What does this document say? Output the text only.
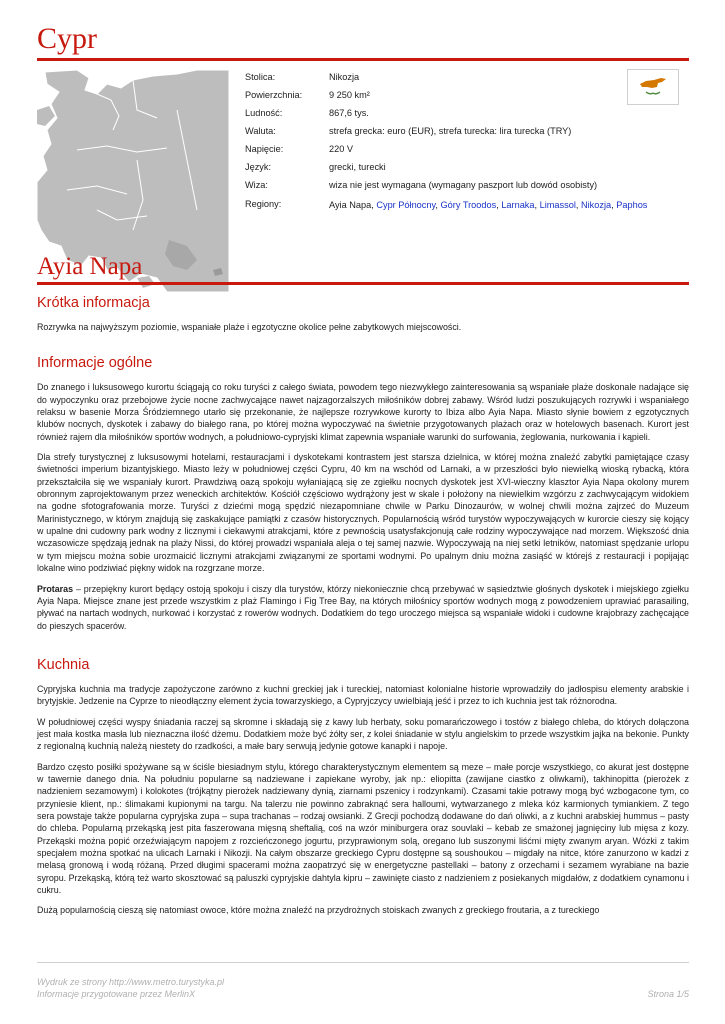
Cypr
Stolica:	Nikozja
Powierzchnia:	9 250 km²
Ludność:	867,6 tys.
Waluta:	strefa grecka: euro (EUR), strefa turecka: lira turecka (TRY)
Napięcie:	220 V
Język:	grecki, turecki
Wiza:	wiza nie jest wymagana (wymagany paszport lub dowód osobisty)
Regiony:	Ayia Napa, Cypr Północny, Góry Troodos, Larnaka, Limassol, Nikozja, Paphos
Ayia Napa
Krótka informacja

Rozrywka na najwyższym poziomie, wspaniałe plaże i egzotyczne okolice pełne zabytkowych miejscowości.

Informacje ogólne

Do znanego i luksusowego kurortu ściągają co roku turyści z całego świata, powodem tego niezwykłego zainteresowania są wspaniałe plaże doskonale nadające się do wypoczynku oraz przebojowe życie nocne zachwycające nawet najzagorzalszych miłośników dobrej zabawy. Wśród ludzi poszukujących rozrywki i wspaniałego relaksu w basenie Morza Śródziemnego utarło się przekonanie, że najlepsze rozrywkowe kurorty to Ibiza albo Ayia Napa. Miasto słynie bowiem z egzotycznych klubów nocnych, dyskotek i zabawy do białego rana, po której można wypoczywać na świetnie przygotowanych plażach oraz w hotelowych basenach. Kurort jest również rajem dla miłośników sportów wodnych, a południowo-cypryjski klimat zapewnia wspaniałe warunki do surfowania, żeglowania, nurkowania i kąpieli.

Dla strefy turystycznej z luksusowymi hotelami, restauracjami i dyskotekami kontrastem jest starsza dzielnica, w której można znaleźć zabytki pamiętające czasy świetności imperium bizantyjskiego. Miasto leży w południowej części Cypru, 40 km na wschód od Larnaki, a w przeszłości było niewielką wioską rybacką, która przekształciła się we wspaniały kurort. Prawdziwą oazą spokoju wyłaniającą się ze zgiełku nocnych dyskotek jest XVI-wieczny klasztor Ayia Napa okolony murem obronnym zaprojektowanym przez weneckich architektów. Kościół częściowo wydrążony jest w skale i położony na niewielkim wzgórzu z zachwycającym widokiem na godne sfotografowania morze. Turyści z dziećmi mogą spędzić niezapomniane chwile w Parku Dinozaurów, w wolnej chwili można zajrzeć do Muzeum Marinistycznego, w którym znajdują się zaskakujące pamiątki z czasów historycznych. Popularnością wśród turystów wypoczywających w kurorcie cieszy się kojący w upalne dni cudowny park wodny z licznymi i ciekawymi atrakcjami, które z pewnością usatysfakcjonują całe rodziny wypoczywające nad morzem. Większość dnia wczasowicze spędzają jednak na plaży Nissi, do której prowadzi wspaniała aleja o tej samej nazwie. Wypoczywają na niej setki letników, natomiast spędzanie urlopu w tym miejscu można sobie urozmaicić licznymi atrakcjami związanymi ze sportami wodnymi. Po upalnym dniu można zasiąść w którejś z restauracji i popijając lokalne wino podziwiać piękny widok na rozgrzane morze.

Protaras – przepiękny kurort będący ostoją spokoju i ciszy dla turystów, którzy niekoniecznie chcą przebywać w sąsiedztwie głośnych dyskotek i miejskiego zgiełku Ayia Napa. Miejsce znane jest przede wszystkim z plaż Flamingo i Fig Tree Bay, na których miłośnicy sportów wodnych mogą z powodzeniem uprawiać parasailing, pływać na nartach wodnych, nurkować i korzystać z rowerów wodnych. Dodatkiem do tego uroczego miejsca są wspaniałe widoki i cudowne krajobrazy zachęcające do pieszych spacerów.

Kuchnia

Cypryjska kuchnia ma tradycje zapożyczone zarówno z kuchni greckiej jak i tureckiej, natomiast kolonialne historie wprowadziły do jadłospisu elementy arabskie i brytyjskie. Jedzenie na Cyprze to nieodłączny element życia towarzyskiego, a Cypryjczycy uwielbiają jeść i przez to ich kuchnia jest tak różnorodna.

W południowej części wyspy śniadania raczej są skromne i składają się z kawy lub herbaty, soku pomarańczowego i tostów z białego chleba, do których dołączona jest mała kostka masła lub nieznaczna ilość dżemu. Dodatkiem może być żółty ser, z kolei śniadanie w stylu angielskim to przede wszystkim jajka na bekonie. Punkty z regionalną kuchnią należą niestety do rzadkości, a małe bary serwują jedynie gotowe kanapki i napoje.

Bardzo często posiłki spożywane są w ściśle biesiadnym stylu, którego charakterystycznym elementem są meze – małe porcje wszystkiego, co akurat jest dostępne w tawernie danego dnia. Na południu popularne są nadziewane i zapiekane wyroby, jak np.: eliopitta (zawijane ciastko z oliwkami), takhinopitta (pierożek z nadzieniem sezamowym) i kolokotes (trójkątny pierożek nadziewany dynią, ziarnami pszenicy i rodzynkami). Czasami takie potrawy mogą być wzbogacone tym, co przyniesie klient, np.: ślimakami kupionymi na targu. Na talerzu nie powinno zabraknąć sera halloumi, wytwarzanego z mleka kóz karmionych tymiankiem. Z tego sera powstaje także popularna cypryjska zupa – supa trachanas – rodzaj owsianki. Z Grecji pochodzą dodawane do dań oliwki, a z kuchni arabskiej hummus – pasty do chleba. Popularną przekąską jest pita faszerowana mięsną sheftalią, coś na wzór miniburgera oraz souvlaki – kebab ze smażonej jagnięciny lub mięsa z kozy. Przekąski można popić orzeźwiającym napojem z rozcieńczonego jogurtu, przyprawionym solą, oregano lub suszonymi liśćmi mięty zwanym aryan. Wózki z takim specjałem można spotkać na ulicach Larnaki i Nikozji. Na całym obszarze greckiego Cypru dostępne są soushoukou – migdały na nitce, które zanurzono w kadzi z melasą gronową i wodą różaną. Przed długimi spacerami można zaopatrzyć się w energetyczne pastellaki – batony z orzechami i sezamem wyrabiane na bazie syropu. Przekąską, którą też warto skosztować są paluszki cypryjskie dahtyla kipru – zawinięte ciasto z nadzieniem z posiekanych migdałów, z dodatkiem cynamonu i cukru.

Dużą popularnością cieszą się natomiast owoce, które można znaleźć na przydrożnych stoiskach zwanych z greckiego froutaria, a z tureckiego

Wydruk ze strony http://www.metro.turystyka.pl
Informacje przygotowane przez MerlinX	Strona 1/5
